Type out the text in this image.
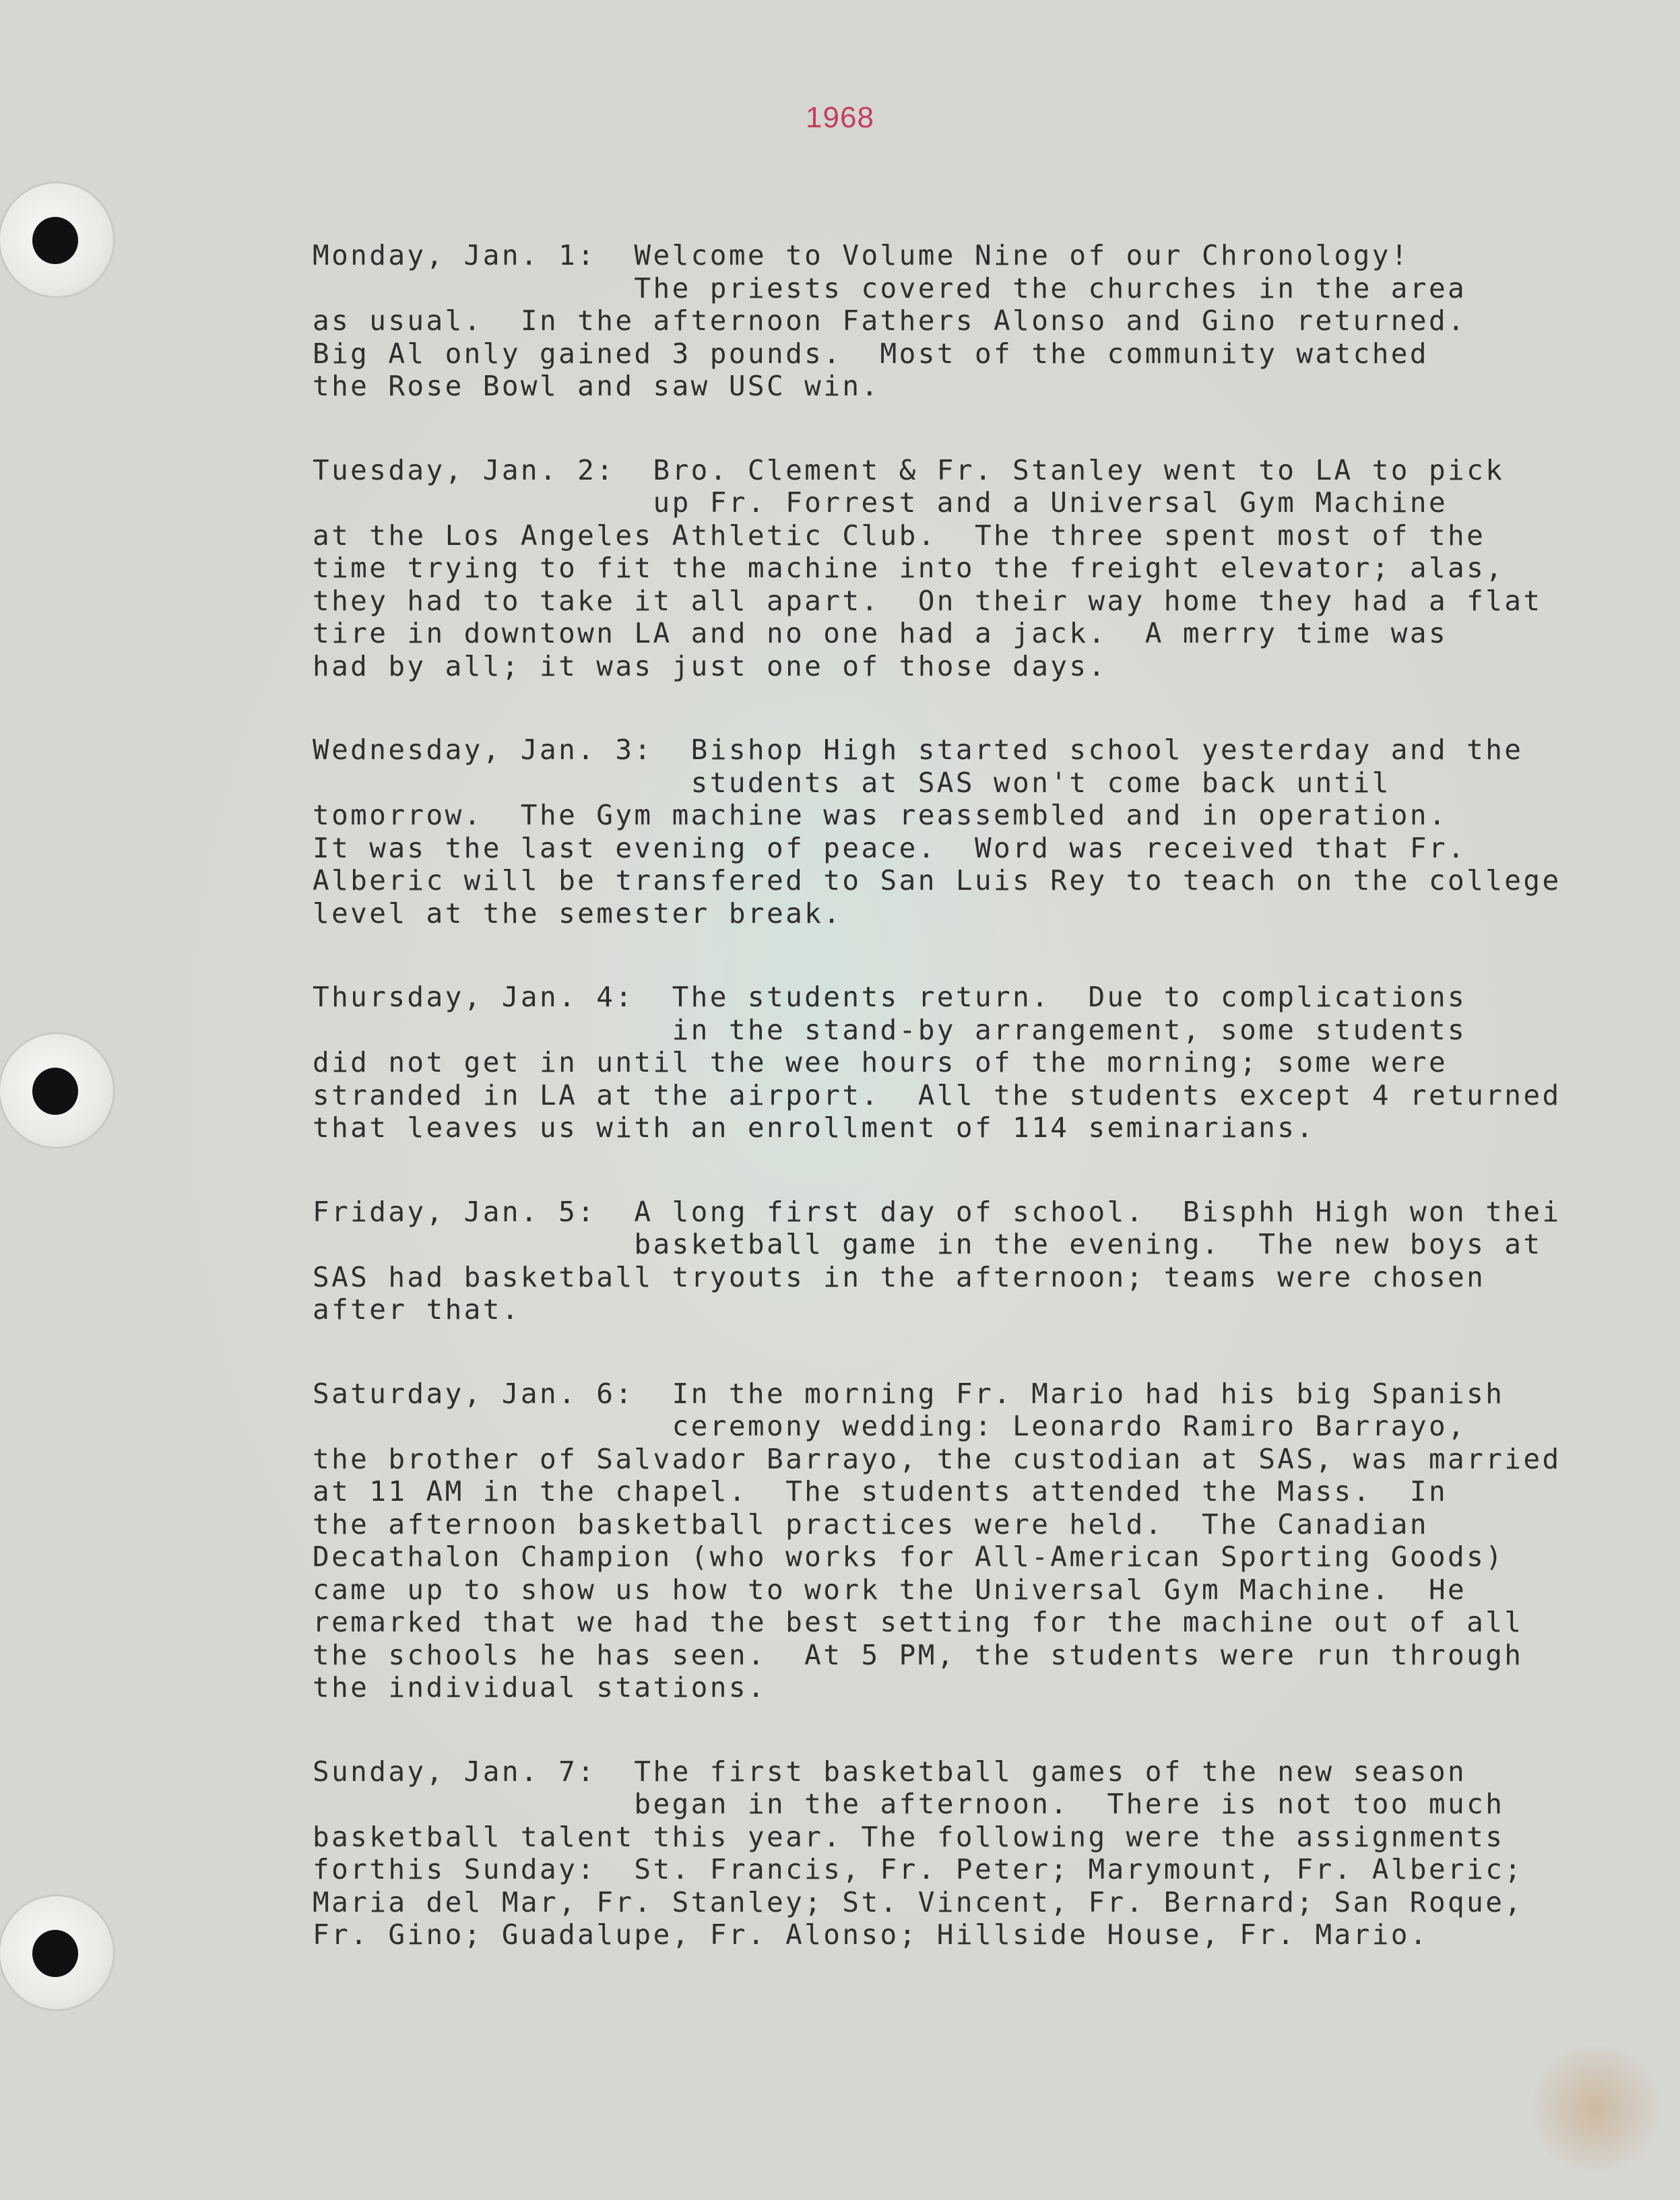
1968
Monday, Jan. 1:  Welcome to Volume Nine of our Chronology!
The priests covered the churches in the area
as usual.  In the afternoon Fathers Alonso and Gino returned.
Big Al only gained 3 pounds.  Most of the community watched
the Rose Bowl and saw USC win.
Tuesday, Jan. 2:  Bro. Clement & Fr. Stanley went to LA to pick
up Fr. Forrest and a Universal Gym Machine
at the Los Angeles Athletic Club.  The three spent most of the
time trying to fit the machine into the freight elevator; alas,
they had to take it all apart.  On their way home they had a flat
tire in downtown LA and no one had a jack.  A merry time was
had by all; it was just one of those days.
Wednesday, Jan. 3:  Bishop High started school yesterday and the
students at SAS won't come back until
tomorrow.  The Gym machine was reassembled and in operation.
It was the last evening of peace.  Word was received that Fr.
Alberic will be transfered to San Luis Rey to teach on the college
level at the semester break.
Thursday, Jan. 4:  The students return.  Due to complications
in the stand-by arrangement, some students
did not get in until the wee hours of the morning; some were
stranded in LA at the airport.  All the students except 4 returned
that leaves us with an enrollment of 114 seminarians.
Friday, Jan. 5:  A long first day of school.  Bisphh High won thei
basketball game in the evening.  The new boys at
SAS had basketball tryouts in the afternoon; teams were chosen
after that.
Saturday, Jan. 6:  In the morning Fr. Mario had his big Spanish
ceremony wedding: Leonardo Ramiro Barrayo,
the brother of Salvador Barrayo, the custodian at SAS, was married
at 11 AM in the chapel.  The students attended the Mass.  In
the afternoon basketball practices were held.  The Canadian
Decathalon Champion (who works for All-American Sporting Goods)
came up to show us how to work the Universal Gym Machine.  He
remarked that we had the best setting for the machine out of all
the schools he has seen.  At 5 PM, the students were run through
the individual stations.
Sunday, Jan. 7:  The first basketball games of the new season
began in the afternoon.  There is not too much
basketball talent this year. The following were the assignments
forthis Sunday:  St. Francis, Fr. Peter; Marymount, Fr. Alberic;
Maria del Mar, Fr. Stanley; St. Vincent, Fr. Bernard; San Roque,
Fr. Gino; Guadalupe, Fr. Alonso; Hillside House, Fr. Mario.
